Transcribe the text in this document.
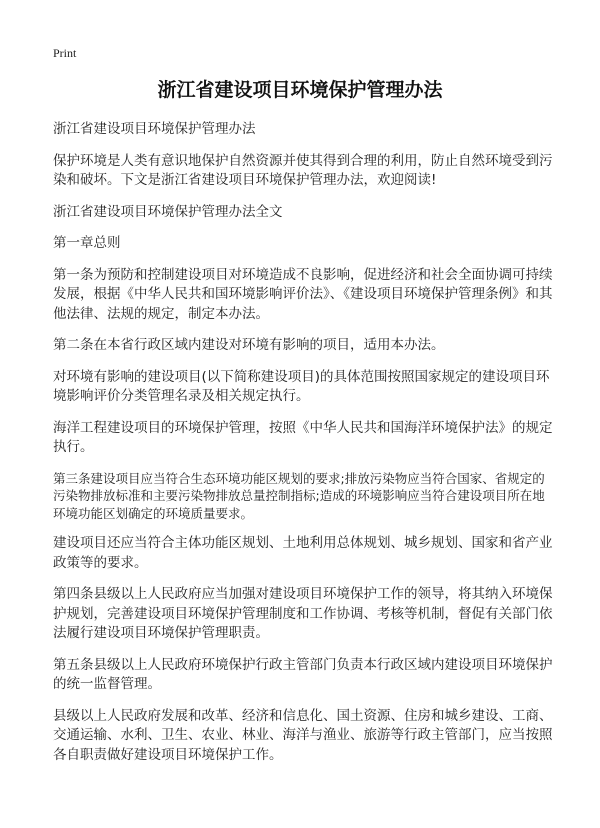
Print
浙江省建设项目环境保护管理办法

浙江省建设项目环境保护管理办法

保护环境是人类有意识地保护自然资源并使其得到合理的利用，防止自然环境受到污染和破坏。下文是浙江省建设项目环境保护管理办法，欢迎阅读!

浙江省建设项目环境保护管理办法全文

第一章总则

第一条为预防和控制建设项目对环境造成不良影响，促进经济和社会全面协调可持续发展，根据《中华人民共和国环境影响评价法》、《建设项目环境保护管理条例》和其他法律、法规的规定，制定本办法。

第二条在本省行政区域内建设对环境有影响的项目，适用本办法。

对环境有影响的建设项目(以下简称建设项目)的具体范围按照国家规定的建设项目环境影响评价分类管理名录及相关规定执行。

海洋工程建设项目的环境保护管理，按照《中华人民共和国海洋环境保护法》的规定执行。

第三条建设项目应当符合生态环境功能区规划的要求;排放污染物应当符合国家、省规定的污染物排放标准和主要污染物排放总量控制指标;造成的环境影响应当符合建设项目所在地环境功能区划确定的环境质量要求。

建设项目还应当符合主体功能区规划、土地利用总体规划、城乡规划、国家和省产业政策等的要求。

第四条县级以上人民政府应当加强对建设项目环境保护工作的领导，将其纳入环境保护规划，完善建设项目环境保护管理制度和工作协调、考核等机制，督促有关部门依法履行建设项目环境保护管理职责。

第五条县级以上人民政府环境保护行政主管部门负责本行政区域内建设项目环境保护的统一监督管理。

县级以上人民政府发展和改革、经济和信息化、国土资源、住房和城乡建设、工商、交通运输、水利、卫生、农业、林业、海洋与渔业、旅游等行政主管部门，应当按照各自职责做好建设项目环境保护工作。
